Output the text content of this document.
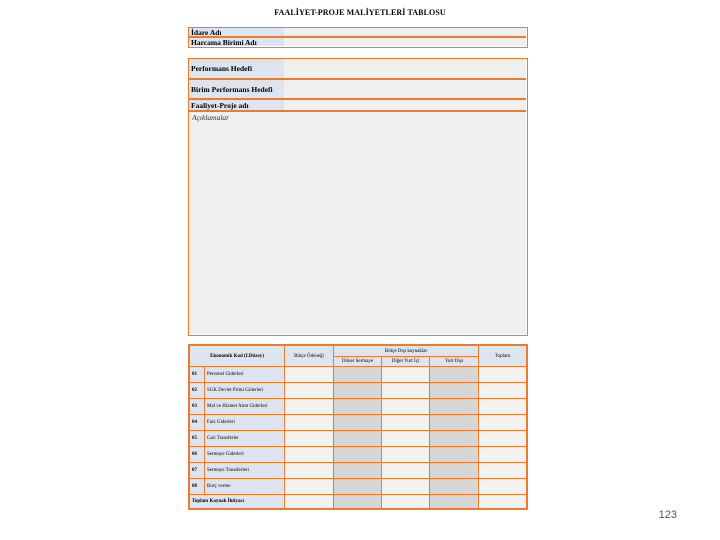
FAALİYET-PROJE MALİYETLERİ TABLOSU
İdare Adı
Harcama Birimi Adı
Performans Hedefi
Birim Performans Hedefi
Faaliyet-Proje adı
Açıklamalar
Ekonomik Kod (I.Düzey)		Bütçe Ödeneği	Bütçe Dışı kaynaklar			Toplam
			Döner Sermaye	Diğer Yurt İçi	Yurt Dışı	
01	Personel Giderleri					
02	SGK Devlet Primi Giderleri					
03	Mal ve Hizmet Alım Giderleri					
04	Faiz Giderleri					
05	Cari Transferler					
06	Sermaye Giderleri					
07	Sermaye Transferleri					
08	Borç verme					
Toplam Kaynak İhtiyacı						
123
